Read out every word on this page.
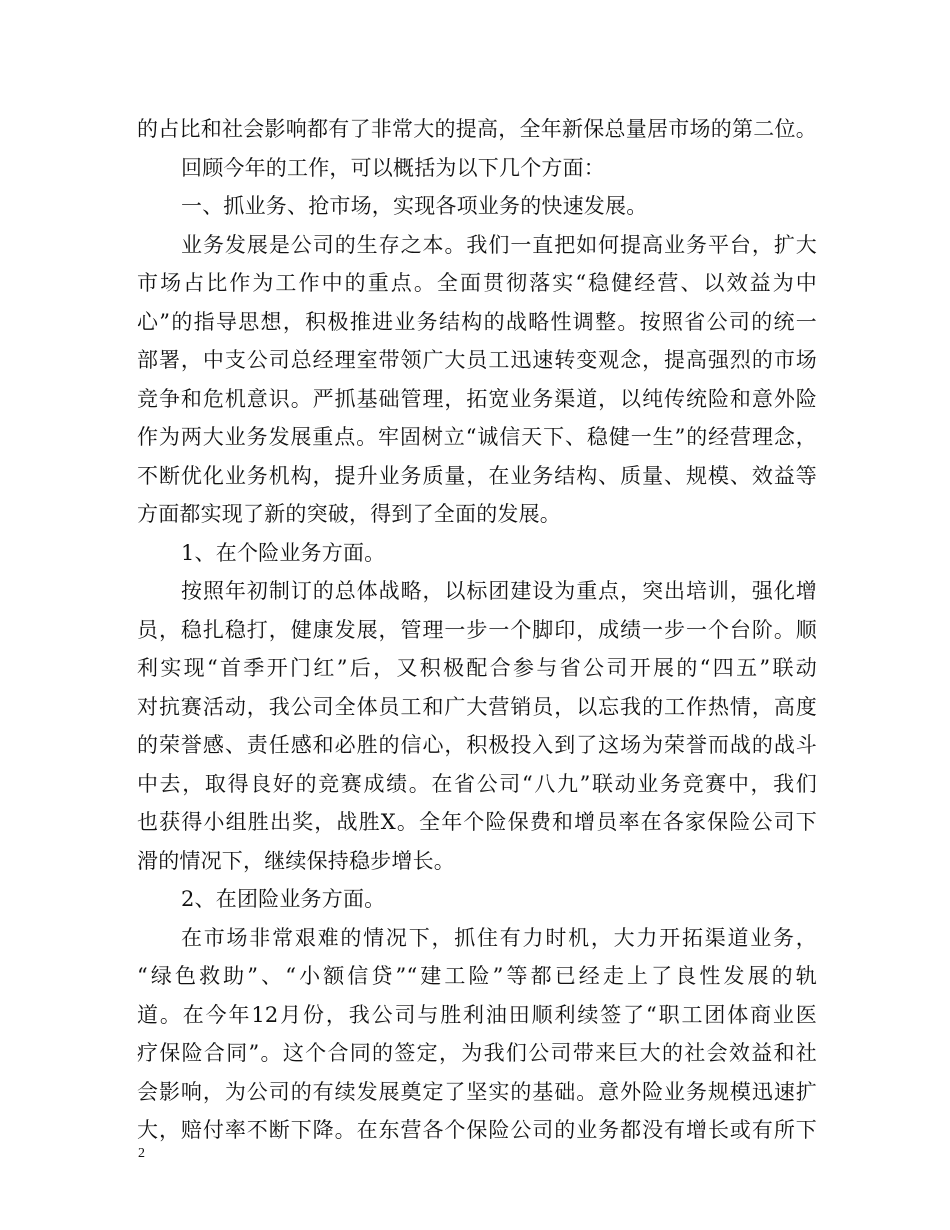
的占比和社会影响都有了非常大的提高，全年新保总量居市场的第二位。
回顾今年的工作，可以概括为以下几个方面：
一、抓业务、抢市场，实现各项业务的快速发展。
业务发展是公司的生存之本。我们一直把如何提高业务平台，扩大
市场占比作为工作中的重点。全面贯彻落实“稳健经营、以效益为中
心”的指导思想，积极推进业务结构的战略性调整。按照省公司的统一
部署，中支公司总经理室带领广大员工迅速转变观念，提高强烈的市场
竞争和危机意识。严抓基础管理，拓宽业务渠道，以纯传统险和意外险
作为两大业务发展重点。牢固树立“诚信天下、稳健一生”的经营理念，
不断优化业务机构，提升业务质量，在业务结构、质量、规模、效益等
方面都实现了新的突破，得到了全面的发展。
1、在个险业务方面。
按照年初制订的总体战略，以标团建设为重点，突出培训，强化增
员，稳扎稳打，健康发展，管理一步一个脚印，成绩一步一个台阶。顺
利实现“首季开门红”后，又积极配合参与省公司开展的“四五”联动
对抗赛活动，我公司全体员工和广大营销员，以忘我的工作热情，高度
的荣誉感、责任感和必胜的信心，积极投入到了这场为荣誉而战的战斗
中去，取得良好的竞赛成绩。在省公司“八九”联动业务竞赛中，我们
也获得小组胜出奖，战胜X。全年个险保费和增员率在各家保险公司下
滑的情况下，继续保持稳步增长。
2、在团险业务方面。
在市场非常艰难的情况下，抓住有力时机，大力开拓渠道业务，
“绿色救助”、“小额信贷”“建工险”等都已经走上了良性发展的轨
道。在今年12月份，我公司与胜利油田顺利续签了“职工团体商业医
疗保险合同”。这个合同的签定，为我们公司带来巨大的社会效益和社
会影响，为公司的有续发展奠定了坚实的基础。意外险业务规模迅速扩
大，赔付率不断下降。在东营各个保险公司的业务都没有增长或有所下
2
